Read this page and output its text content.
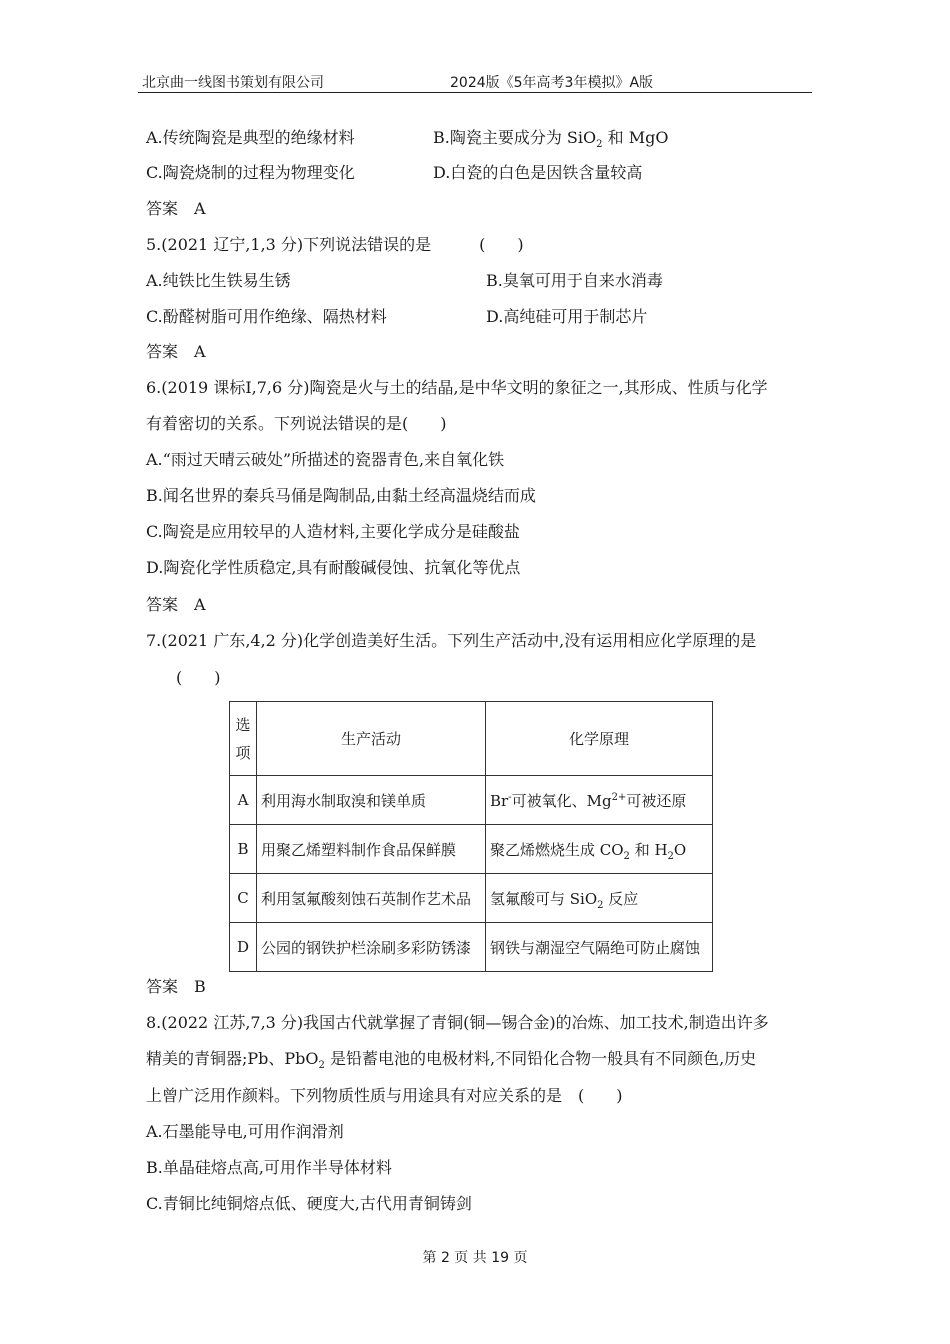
北京曲一线图书策划有限公司	2024版《5年高考3年模拟》A版
A.传统陶瓷是典型的绝缘材料	B.陶瓷主要成分为 SiO$_2$ 和 MgO
C.陶瓷烧制的过程为物理变化	D.白瓷的白色是因铁含量较高
答案　A
5.(2021 辽宁,1,3 分)下列说法错误的是　　　(　　)
A.纯铁比生铁易生锈	B.臭氧可用于自来水消毒
C.酚醛树脂可用作绝缘、隔热材料	D.高纯硅可用于制芯片
答案　A
6.(2019 课标Ⅰ,7,6 分)陶瓷是火与土的结晶,是中华文明的象征之一,其形成、性质与化学
有着密切的关系。下列说法错误的是(　　)
A.“雨过天晴云破处”所描述的瓷器青色,来自氧化铁
B.闻名世界的秦兵马俑是陶制品,由黏土经高温烧结而成
C.陶瓷是应用较早的人造材料,主要化学成分是硅酸盐
D.陶瓷化学性质稳定,具有耐酸碱侵蚀、抗氧化等优点
答案　A
7.(2021 广东,4,2 分)化学创造美好生活。下列生产活动中,没有运用相应化学原理的是
(　　)
选
项	生产活动	化学原理
A	利用海水制取溴和镁单质	Br-可被氧化、$Mg^{2+}$可被还原
B	用聚乙烯塑料制作食品保鲜膜	聚乙烯燃烧生成 $CO_2$ 和 $H_2O$
C	利用氢氟酸刻蚀石英制作艺术品	氢氟酸可与 SiO$_2$ 反应
D	公园的钢铁护栏涂刷多彩防锈漆	钢铁与潮湿空气隔绝可防止腐蚀
答案　B
8.(2022 江苏,7,3 分)我国古代就掌握了青铜(铜—锡合金)的冶炼、加工技术,制造出许多
精美的青铜器;Pb、PbO$_2$ 是铅蓄电池的电极材料,不同铅化合物一般具有不同颜色,历史
上曾广泛用作颜料。下列物质性质与用途具有对应关系的是　(　　)
A.石墨能导电,可用作润滑剂
B.单晶硅熔点高,可用作半导体材料
C.青铜比纯铜熔点低、硬度大,古代用青铜铸剑
第 2 页 共 19 页
